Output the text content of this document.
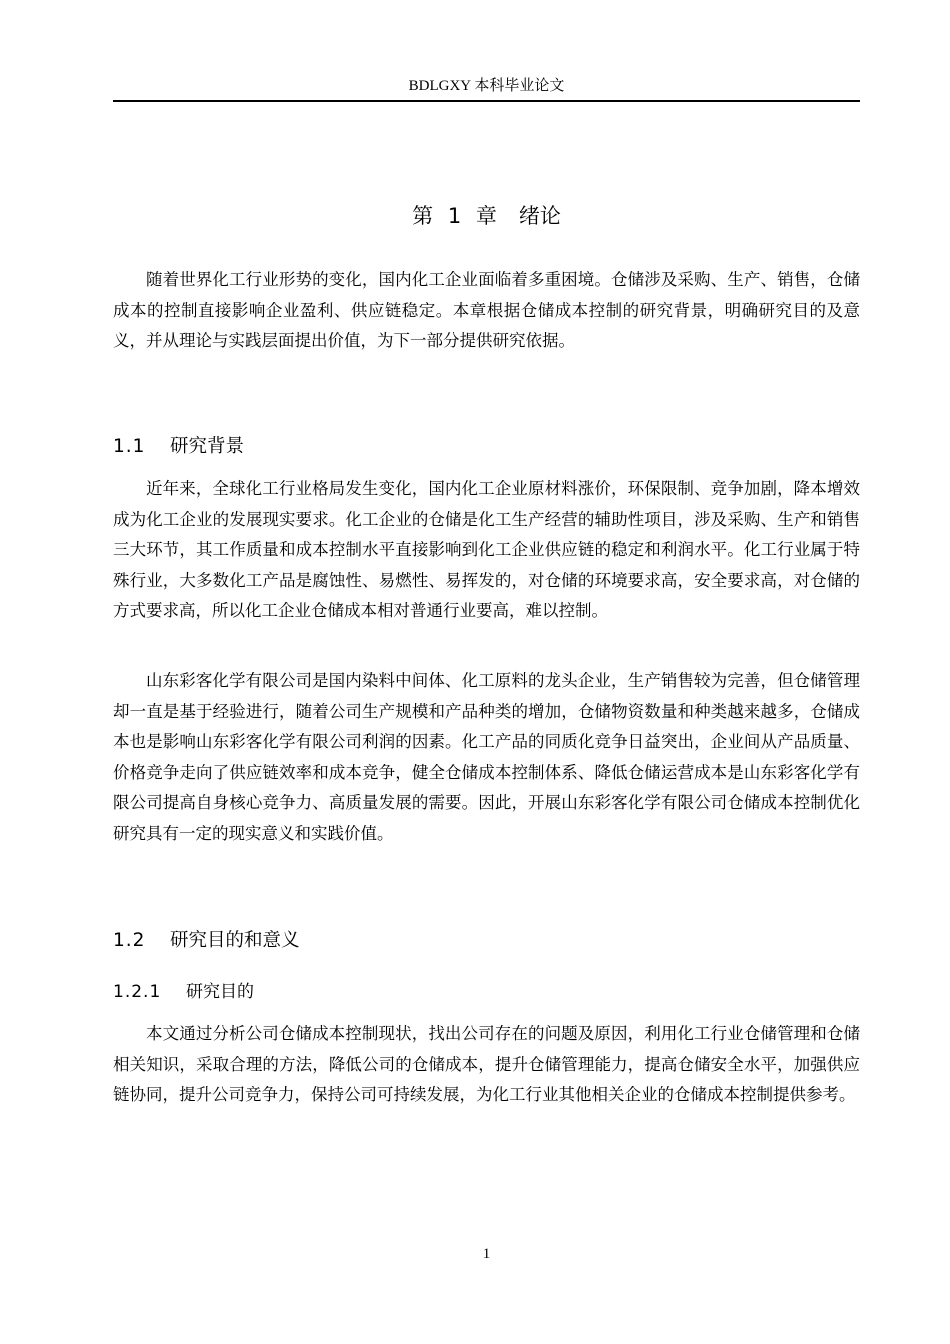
BDLGXY 本科毕业论文
第 1 章 绪论

随着世界化工行业形势的变化，国内化工企业面临着多重困境。仓储涉及采购、生产、销售，仓储成本的控制直接影响企业盈利、供应链稳定。本章根据仓储成本控制的研究背景，明确研究目的及意义，并从理论与实践层面提出价值，为下一部分提供研究依据。

1.1 研究背景

近年来，全球化工行业格局发生变化，国内化工企业原材料涨价，环保限制、竞争加剧，降本增效成为化工企业的发展现实要求。化工企业的仓储是化工生产经营的辅助性项目，涉及采购、生产和销售三大环节，其工作质量和成本控制水平直接影响到化工企业供应链的稳定和利润水平。化工行业属于特殊行业，大多数化工产品是腐蚀性、易燃性、易挥发的，对仓储的环境要求高，安全要求高，对仓储的方式要求高，所以化工企业仓储成本相对普通行业要高，难以控制。

山东彩客化学有限公司是国内染料中间体、化工原料的龙头企业，生产销售较为完善，但仓储管理却一直是基于经验进行，随着公司生产规模和产品种类的增加，仓储物资数量和种类越来越多，仓储成本也是影响山东彩客化学有限公司利润的因素。化工产品的同质化竞争日益突出，企业间从产品质量、价格竞争走向了供应链效率和成本竞争，健全仓储成本控制体系、降低仓储运营成本是山东彩客化学有限公司提高自身核心竞争力、高质量发展的需要。因此，开展山东彩客化学有限公司仓储成本控制优化研究具有一定的现实意义和实践价值。

1.2 研究目的和意义
1.2.1 研究目的

本文通过分析公司仓储成本控制现状，找出公司存在的问题及原因，利用化工行业仓储管理和仓储相关知识，采取合理的方法，降低公司的仓储成本，提升仓储管理能力，提高仓储安全水平，加强供应链协同，提升公司竞争力，保持公司可持续发展，为化工行业其他相关企业的仓储成本控制提供参考。

1
